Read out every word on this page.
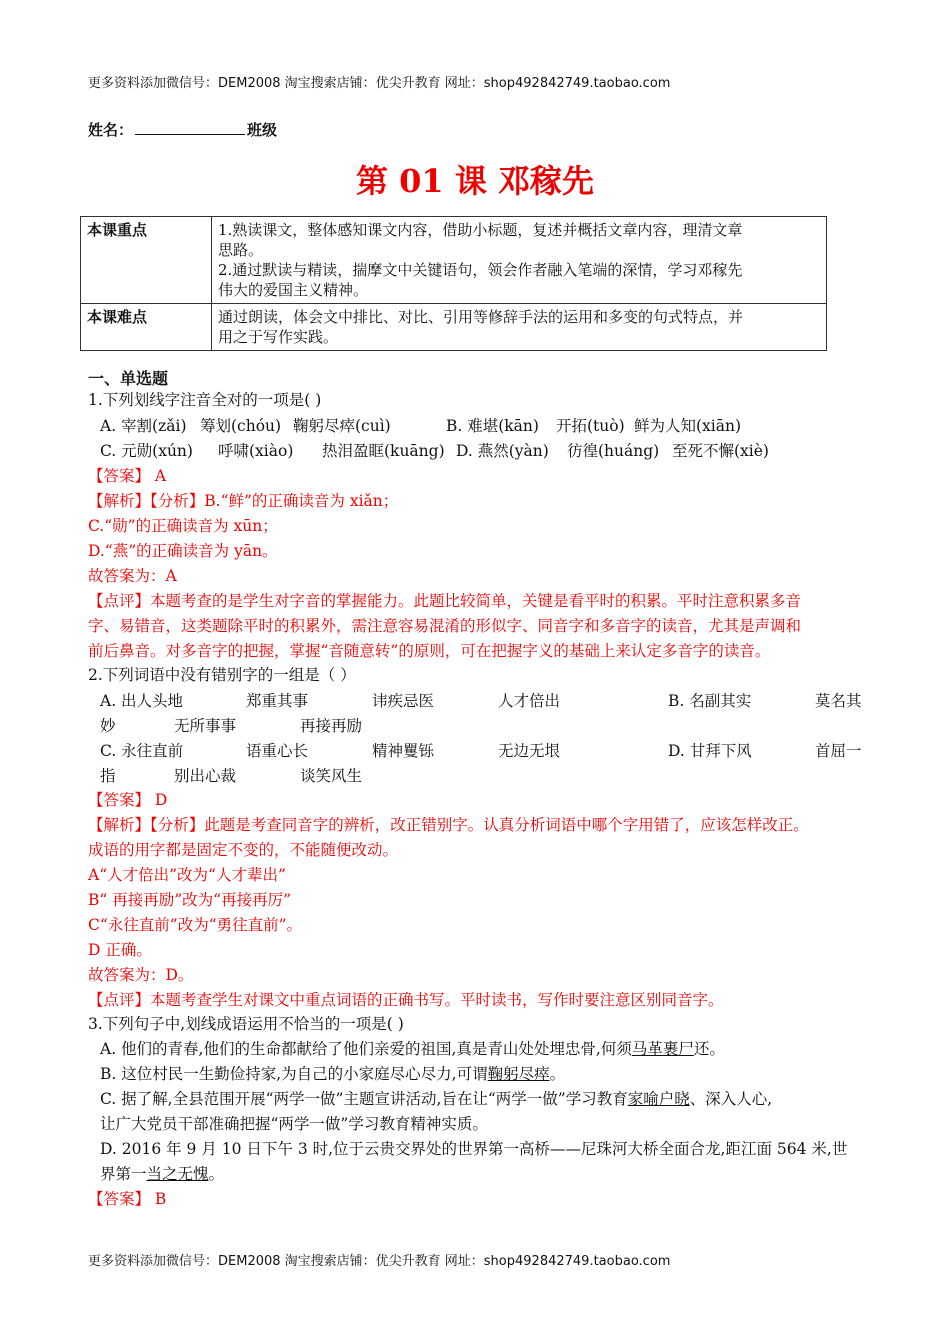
更多资料添加微信号：DEM2008 淘宝搜索店铺：优尖升教育 网址：shop492842749.taobao.com
姓名：	班级
第 01 课 邓稼先
本课重点	1.熟读课文，整体感知课文内容，借助小标题，复述并概括文章内容，理清文章
思路。
2.通过默读与精读，揣摩文中关键语句，领会作者融入笔端的深情，学习邓稼先
伟大的爱国主义精神。

本课难点	通过朗读，体会文中排比、对比、引用等修辞手法的运用和多变的句式特点，并
用之于写作实践。
一、单选题
1.下列划线字注音全对的一项是( )
A. 宰割(zǎi) 筹划(chóu) 鞠躬尽瘁(cuì)	B. 难堪(kān) 开拓(tuò) 鲜为人知(xiān)
C. 元勋(xún) 呼啸(xiào) 热泪盈眶(kuāng) D. 燕然(yàn) 彷徨(huáng) 至死不懈(xiè)
【答案】 A
【解析】【分析】B.“鲜”的正确读音为 xiǎn；
C.“勋”的正确读音为 xūn；
D.“燕”的正确读音为 yān。
故答案为：A
【点评】本题考查的是学生对字音的掌握能力。此题比较简单，关键是看平时的积累。平时注意积累多音
字、易错音，这类题除平时的积累外，需注意容易混淆的形似字、同音字和多音字的读音，尤其是声调和
前后鼻音。对多音字的把握，掌握“音随意转”的原则，可在把握字义的基础上来认定多音字的读音。
2.下列词语中没有错别字的一组是（ ）
A. 出人头地	郑重其事	讳疾忌医	人才倍出	B. 名副其实	莫名其
妙	无所事事	再接再励
C. 永往直前	语重心长	精神矍铄	无边无垠	D. 甘拜下风	首屈一
指	别出心裁	谈笑风生
【答案】 D
【解析】【分析】此题是考查同音字的辨析，改正错别字。认真分析词语中哪个字用错了，应该怎样改正。
成语的用字都是固定不变的，不能随便改动。
A“人才倍出”改为“人才辈出”
B“ 再接再励”改为“再接再厉”
C“永往直前”改为“勇往直前”。
D 正确。
故答案为：D。
【点评】本题考查学生对课文中重点词语的正确书写。平时读书，写作时要注意区别同音字。
3.下列句子中,划线成语运用不恰当的一项是( )
A. 他们的青春,他们的生命都献给了他们亲爱的祖国,真是青山处处埋忠骨,何须马革裹尸还。
B. 这位村民一生勤俭持家,为自己的小家庭尽心尽力,可谓鞠躬尽瘁。
C. 据了解,全县范围开展“两学一做”主题宣讲活动,旨在让“两学一做”学习教育家喻户晓、深入人心,
让广大党员干部准确把握“两学一做”学习教育精神实质。
D. 2016 年 9 月 10 日下午 3 时,位于云贵交界处的世界第一高桥——尼珠河大桥全面合龙,距江面 564 米,世
界第一当之无愧。
【答案】 B
更多资料添加微信号：DEM2008 淘宝搜索店铺：优尖升教育 网址：shop492842749.taobao.com
